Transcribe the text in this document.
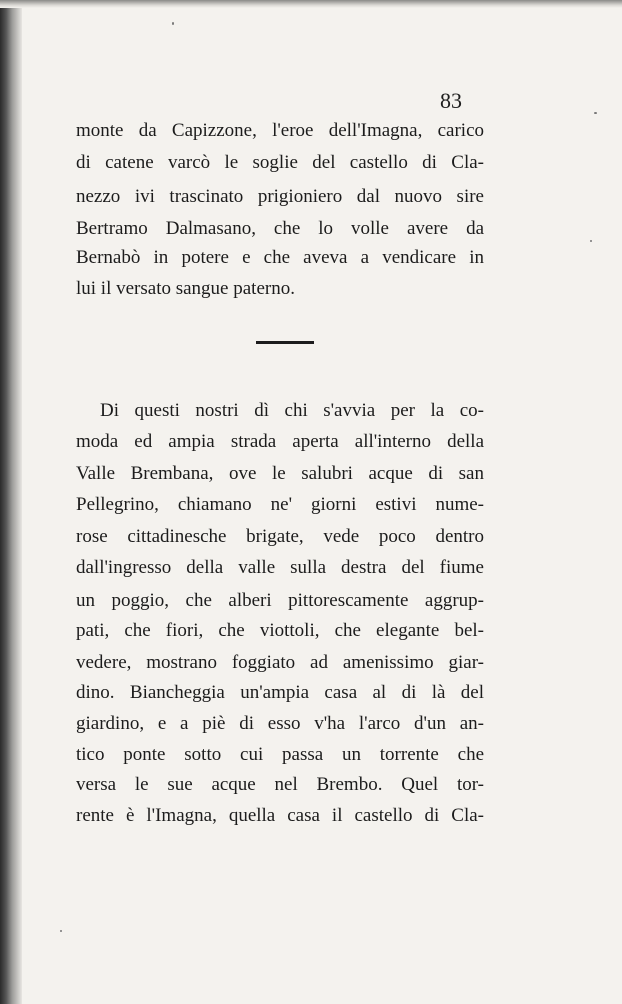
83
monte da Capizzone, l'eroe dell'Imagna, carico
di catene varcò le soglie del castello di Cla-
nezzo ivi trascinato prigioniero dal nuovo sire
Bertramo Dalmasano, che lo volle avere da
Bernabò in potere e che aveva a vendicare in
lui il versato sangue paterno.
Di questi nostri dì chi s'avvia per la co-
moda ed ampia strada aperta all'interno della
Valle Brembana, ove le salubri acque di san
Pellegrino, chiamano ne' giorni estivi nume-
rose cittadinesche brigate, vede poco dentro
dall'ingresso della valle sulla destra del fiume
un poggio, che alberi pittorescamente aggrup-
pati, che fiori, che viottoli, che elegante bel-
vedere, mostrano foggiato ad amenissimo giar-
dino. Biancheggia un'ampia casa al di là del
giardino, e a piè di esso v'ha l'arco d'un an-
tico ponte sotto cui passa un torrente che
versa le sue acque nel Brembo. Quel tor-
rente è l'Imagna, quella casa il castello di Cla-
